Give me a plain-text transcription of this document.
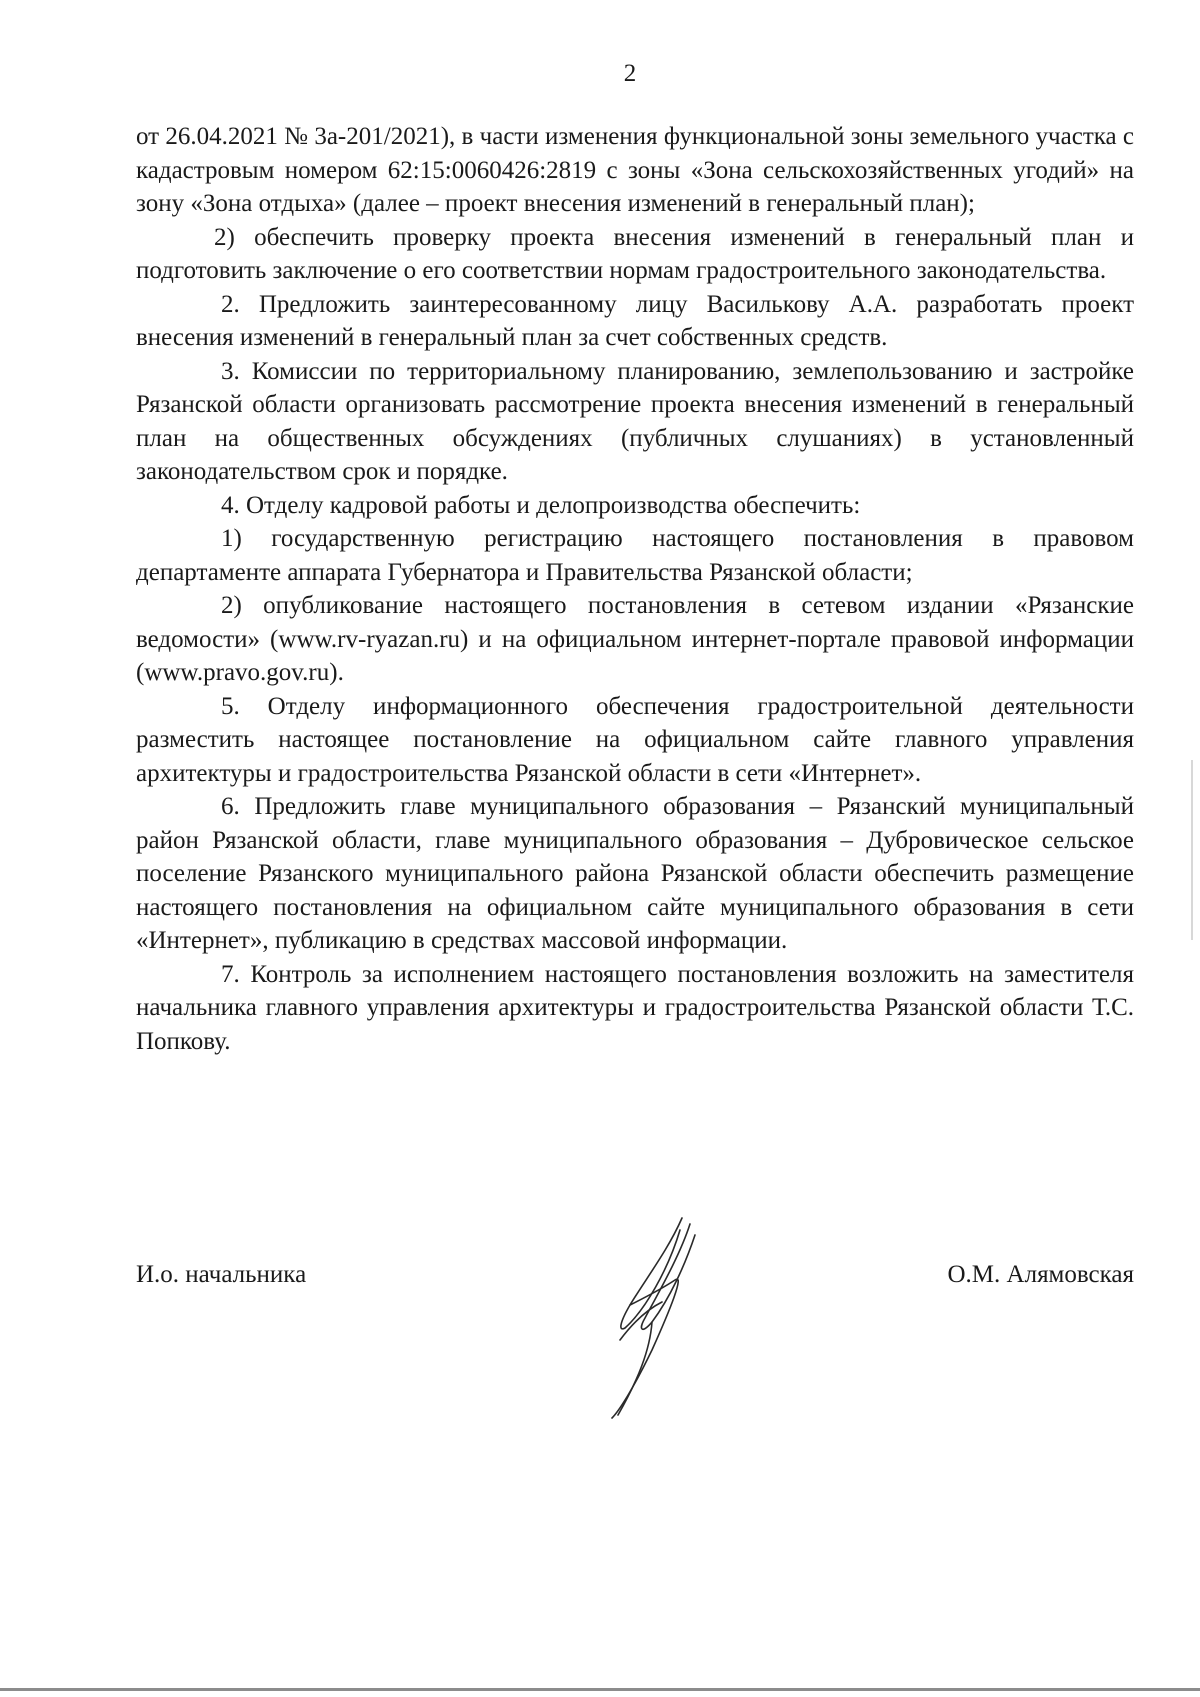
2

от 26.04.2021 № 3а-201/2021), в части изменения функциональной зоны земельного участка с кадастровым номером 62:15:0060426:2819 с зоны «Зона сельскохозяйственных угодий» на зону «Зона отдыха» (далее – проект внесения изменений в генеральный план);

2) обеспечить проверку проекта внесения изменений в генеральный план и подготовить заключение о его соответствии нормам градостроительного законодательства.

2. Предложить заинтересованному лицу Василькову А.А. разработать проект внесения изменений в генеральный план за счет собственных средств.

3. Комиссии по территориальному планированию, землепользованию и застройке Рязанской области организовать рассмотрение проекта внесения изменений в генеральный план на общественных обсуждениях (публичных слушаниях) в установленный законодательством срок и порядке.

4. Отделу кадровой работы и делопроизводства обеспечить:

1) государственную регистрацию настоящего постановления в правовом департаменте аппарата Губернатора и Правительства Рязанской области;

2) опубликование настоящего постановления в сетевом издании «Рязанские ведомости» (www.rv-ryazan.ru) и на официальном интернет-портале правовой информации (www.pravo.gov.ru).

5. Отделу информационного обеспечения градостроительной деятельности разместить настоящее постановление на официальном сайте главного управления архитектуры и градостроительства Рязанской области в сети «Интернет».

6. Предложить главе муниципального образования – Рязанский муниципальный район Рязанской области, главе муниципального образования – Дубровическое сельское поселение Рязанского муниципального района Рязанской области обеспечить размещение настоящего постановления на официальном сайте муниципального образования в сети «Интернет», публикацию в средствах массовой информации.

7. Контроль за исполнением настоящего постановления возложить на заместителя начальника главного управления архитектуры и градостроительства Рязанской области Т.С. Попкову.

И.о. начальника	О.М. Алямовская
